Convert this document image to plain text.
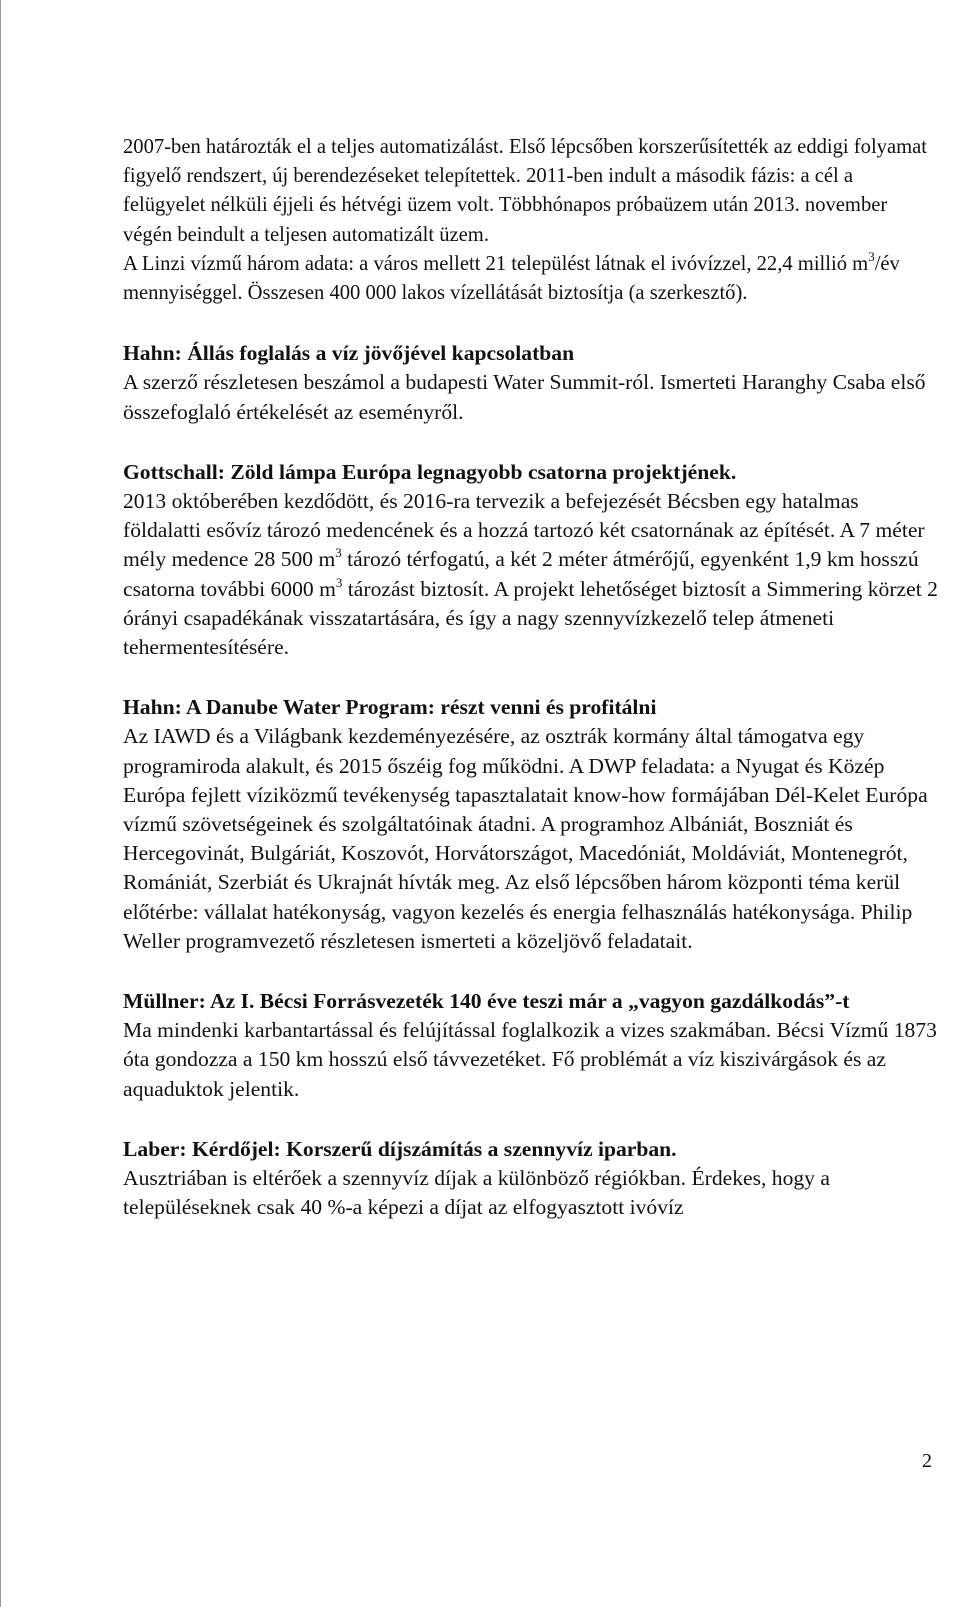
2007-ben határozták el a teljes automatizálást. Első lépcsőben korszerűsítették az eddigi folyamat figyelő rendszert, új berendezéseket telepítettek. 2011-ben indult a második fázis: a cél a felügyelet nélküli éjjeli és hétvégi üzem volt. Többhónapos próbaüzem után 2013. november végén beindult a teljesen automatizált üzem.

A Linzi vízmű három adata: a város mellett 21 települést látnak el ivóvízzel, 22,4 millió $m^3/év$ mennyiséggel. Összesen 400 000 lakos vízellátását biztosítja (a szerkesztő).

Hahn: Állás foglalás a víz jövőjével kapcsolatban

A szerző részletesen beszámol a budapesti Water Summit-ról. Ismerteti Haranghy Csaba első összefoglaló értékelését az eseményről.

Gottschall: Zöld lámpa Európa legnagyobb csatorna projektjének.

2013 októberében kezdődött, és 2016-ra tervezik a befejezését Bécsben egy hatalmas földalatti esővíz tározó medencének és a hozzá tartozó két csatornának az építését. A 7 méter mély medence 28 500 $m^3$ tározó térfogatú, a két 2 méter átmérőjű, egyenként 1,9 km hosszú csatorna további 6000 $m^3$ tározást biztosít. A projekt lehetőséget biztosít a Simmering körzet 2 órányi csapadékának visszatartására, és így a nagy szennyvízkezelő telep átmeneti tehermentesítésére.

Hahn: A Danube Water Program: részt venni és profitálni

Az IAWD és a Világbank kezdeményezésére, az osztrák kormány által támogatva egy programiroda alakult, és 2015 őszéig fog működni. A DWP feladata: a Nyugat és Közép Európa fejlett víziközmű tevékenység tapasztalatait know-how formájában Dél-Kelet Európa vízmű szövetségeinek és szolgáltatóinak átadni. A programhoz Albániát, Boszniát és Hercegovinát, Bulgáriát, Koszovót, Horvátországot, Macedóniát, Moldáviát, Montenegrót, Romániát, Szerbiát és Ukrajnát hívták meg. Az első lépcsőben három központi téma kerül előtérbe: vállalat hatékonyság, vagyon kezelés és energia felhasználás hatékonysága. Philip Weller programvezető részletesen ismerteti a közeljövő feladatait.

Müllner: Az I. Bécsi Forrásvezeték 140 éve teszi már a „vagyon gazdálkodás”-t

Ma mindenki karbantartással és felújítással foglalkozik a vizes szakmában. Bécsi Vízmű 1873 óta gondozza a 150 km hosszú első távvezetéket. Fő problémát a víz kiszivárgások és az aquaduktok jelentik.

Laber: Kérdőjel: Korszerű díjszámítás a szennyvíz iparban.

Ausztriában is eltérőek a szennyvíz díjak a különböző régiókban. Érdekes, hogy a településeknek csak 40 %-a képezi a díjat az elfogyasztott ivóvíz

2
